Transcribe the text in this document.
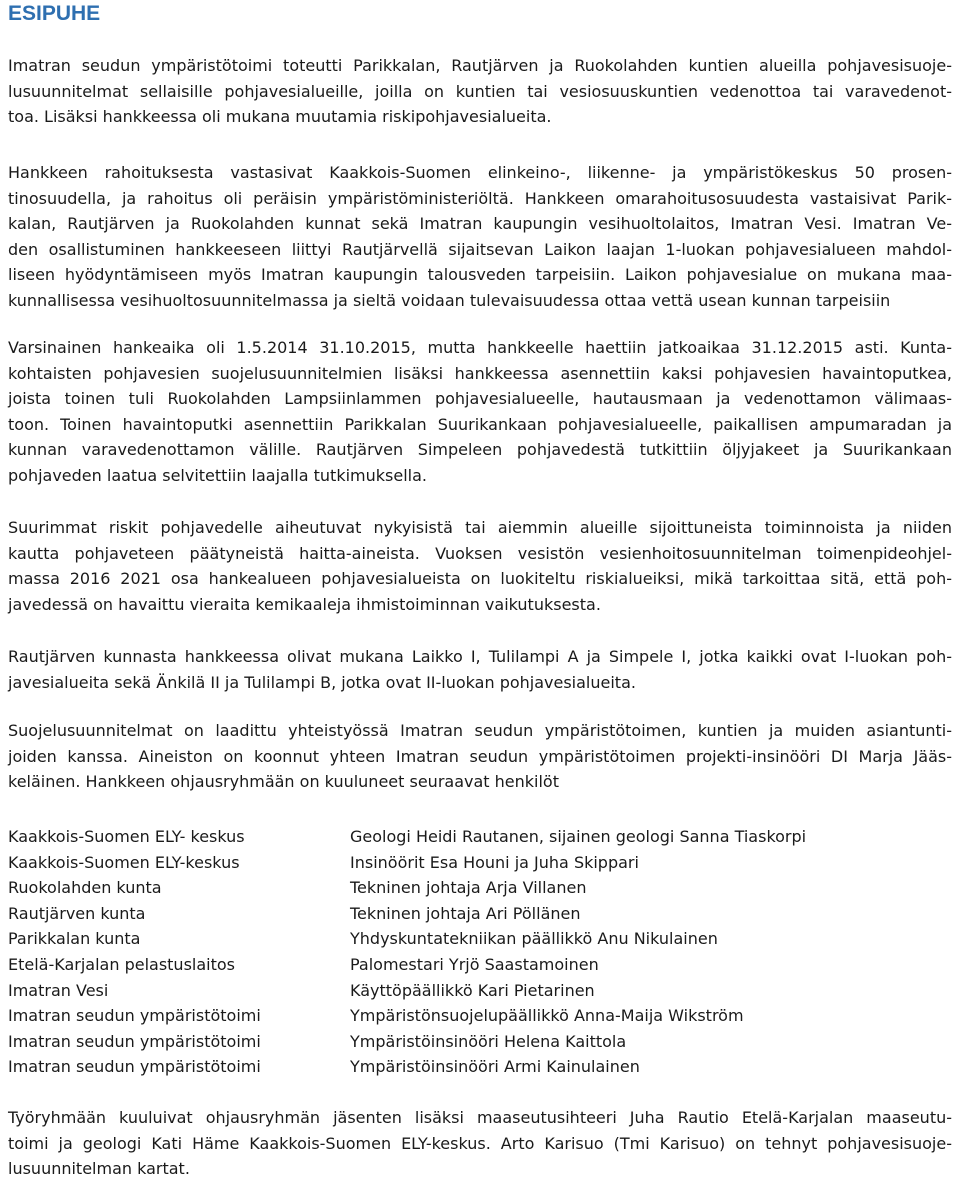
ESIPUHE
Imatran seudun ympäristötoimi toteutti Parikkalan, Rautjärven ja Ruokolahden kuntien alueilla pohjavesisuoje-
lusuunnitelmat sellaisille pohjavesialueille, joilla on kuntien tai vesiosuuskuntien vedenottoa tai varavedenot-
toa. Lisäksi hankkeessa oli mukana muutamia riskipohjavesialueita.
Hankkeen rahoituksesta vastasivat Kaakkois-Suomen elinkeino-, liikenne- ja ympäristökeskus 50 prosen-
tinosuudella, ja rahoitus oli peräisin ympäristöministeriöltä. Hankkeen omarahoitusosuudesta vastaisivat Parik-
kalan, Rautjärven ja Ruokolahden kunnat sekä Imatran kaupungin vesihuoltolaitos, Imatran Vesi. Imatran Ve-
den osallistuminen hankkeeseen liittyi Rautjärvellä sijaitsevan Laikon laajan 1-luokan pohjavesialueen mahdol-
liseen hyödyntämiseen myös Imatran kaupungin talousveden tarpeisiin. Laikon pohjavesialue on mukana maa-
kunnallisessa vesihuoltosuunnitelmassa ja sieltä voidaan tulevaisuudessa ottaa vettä usean kunnan tarpeisiin
Varsinainen hankeaika oli 1.5.2014 31.10.2015, mutta hankkeelle haettiin jatkoaikaa 31.12.2015 asti. Kunta-
kohtaisten pohjavesien suojelusuunnitelmien lisäksi hankkeessa asennettiin kaksi pohjavesien havaintoputkea,
joista toinen tuli Ruokolahden Lampsiinlammen pohjavesialueelle, hautausmaan ja vedenottamon välimaas-
toon. Toinen havaintoputki asennettiin Parikkalan Suurikankaan pohjavesialueelle, paikallisen ampumaradan ja
kunnan varavedenottamon välille. Rautjärven Simpeleen pohjavedestä tutkittiin öljyjakeet ja Suurikankaan
pohjaveden laatua selvitettiin laajalla tutkimuksella.
Suurimmat riskit pohjavedelle aiheutuvat nykyisistä tai aiemmin alueille sijoittuneista toiminnoista ja niiden
kautta pohjaveteen päätyneistä haitta-aineista. Vuoksen vesistön vesienhoitosuunnitelman toimenpideohjel-
massa 2016 2021 osa hankealueen pohjavesialueista on luokiteltu riskialueiksi, mikä tarkoittaa sitä, että poh-
javedessä on havaittu vieraita kemikaaleja ihmistoiminnan vaikutuksesta.
Rautjärven kunnasta hankkeessa olivat mukana Laikko I, Tulilampi A ja Simpele I, jotka kaikki ovat I-luokan poh-
javesialueita sekä Änkilä II ja Tulilampi B, jotka ovat II-luokan pohjavesialueita.
Suojelusuunnitelmat on laadittu yhteistyössä Imatran seudun ympäristötoimen, kuntien ja muiden asiantunti-
joiden kanssa. Aineiston on koonnut yhteen Imatran seudun ympäristötoimen projekti-insinööri DI Marja Jääs-
keläinen. Hankkeen ohjausryhmään on kuuluneet seuraavat henkilöt
Työryhmään kuuluivat ohjausryhmän jäsenten lisäksi maaseutusihteeri Juha Rautio Etelä-Karjalan maaseutu-
toimi ja geologi Kati Häme Kaakkois-Suomen ELY-keskus. Arto Karisuo (Tmi Karisuo) on tehnyt pohjavesisuoje-
lusuunnitelman kartat.
Kaakkois-Suomen ELY- keskus	Geologi Heidi Rautanen, sijainen geologi Sanna Tiaskorpi
Kaakkois-Suomen ELY-keskus	Insinöörit Esa Houni ja Juha Skippari
Ruokolahden kunta	Tekninen johtaja Arja Villanen
Rautjärven kunta	Tekninen johtaja Ari Pöllänen
Parikkalan kunta	Yhdyskuntatekniikan päällikkö Anu Nikulainen
Etelä-Karjalan pelastuslaitos	Palomestari Yrjö Saastamoinen
Imatran Vesi	Käyttöpäällikkö Kari Pietarinen
Imatran seudun ympäristötoimi	Ympäristönsuojelupäällikkö Anna-Maija Wikström
Imatran seudun ympäristötoimi	Ympäristöinsinööri Helena Kaittola
Imatran seudun ympäristötoimi	Ympäristöinsinööri Armi Kainulainen
